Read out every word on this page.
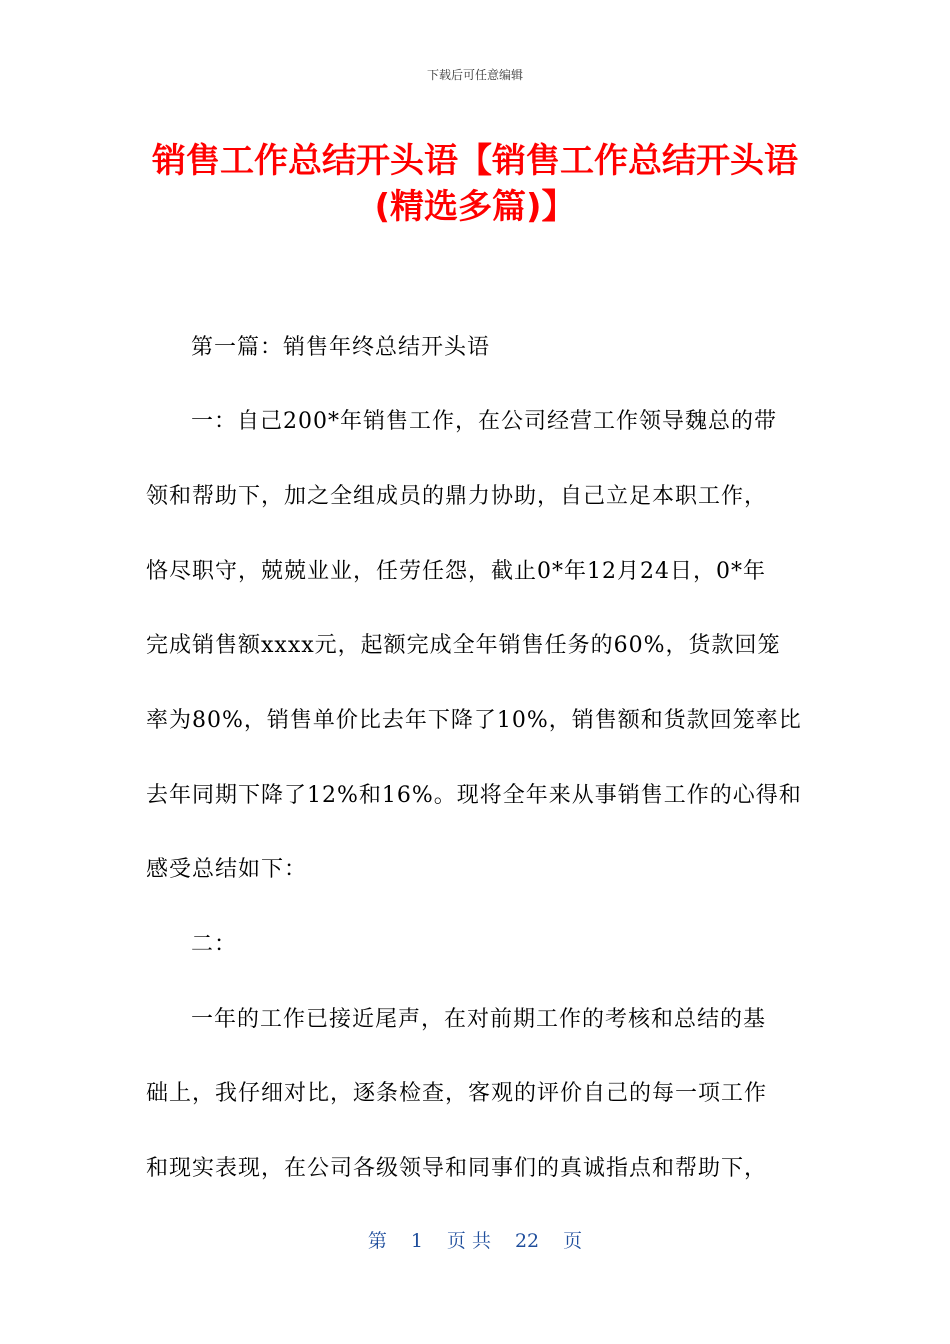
下载后可任意编辑
销售工作总结开头语【销售工作总结开头语
(精选多篇)】
第一篇：销售年终总结开头语
一：自己200*年销售工作，在公司经营工作领导魏总的带
领和帮助下，加之全组成员的鼎力协助，自己立足本职工作，
恪尽职守，兢兢业业，任劳任怨，截止0*年12月24日，0*年
完成销售额xxxx元，起额完成全年销售任务的60%，货款回笼
率为80%，销售单价比去年下降了10%，销售额和货款回笼率比
去年同期下降了12%和16%。现将全年来从事销售工作的心得和
感受总结如下：
二：
一年的工作已接近尾声，在对前期工作的考核和总结的基
础上，我仔细对比，逐条检查，客观的评价自己的每一项工作
和现实表现，在公司各级领导和同事们的真诚指点和帮助下，
第 1 页 共 22 页
